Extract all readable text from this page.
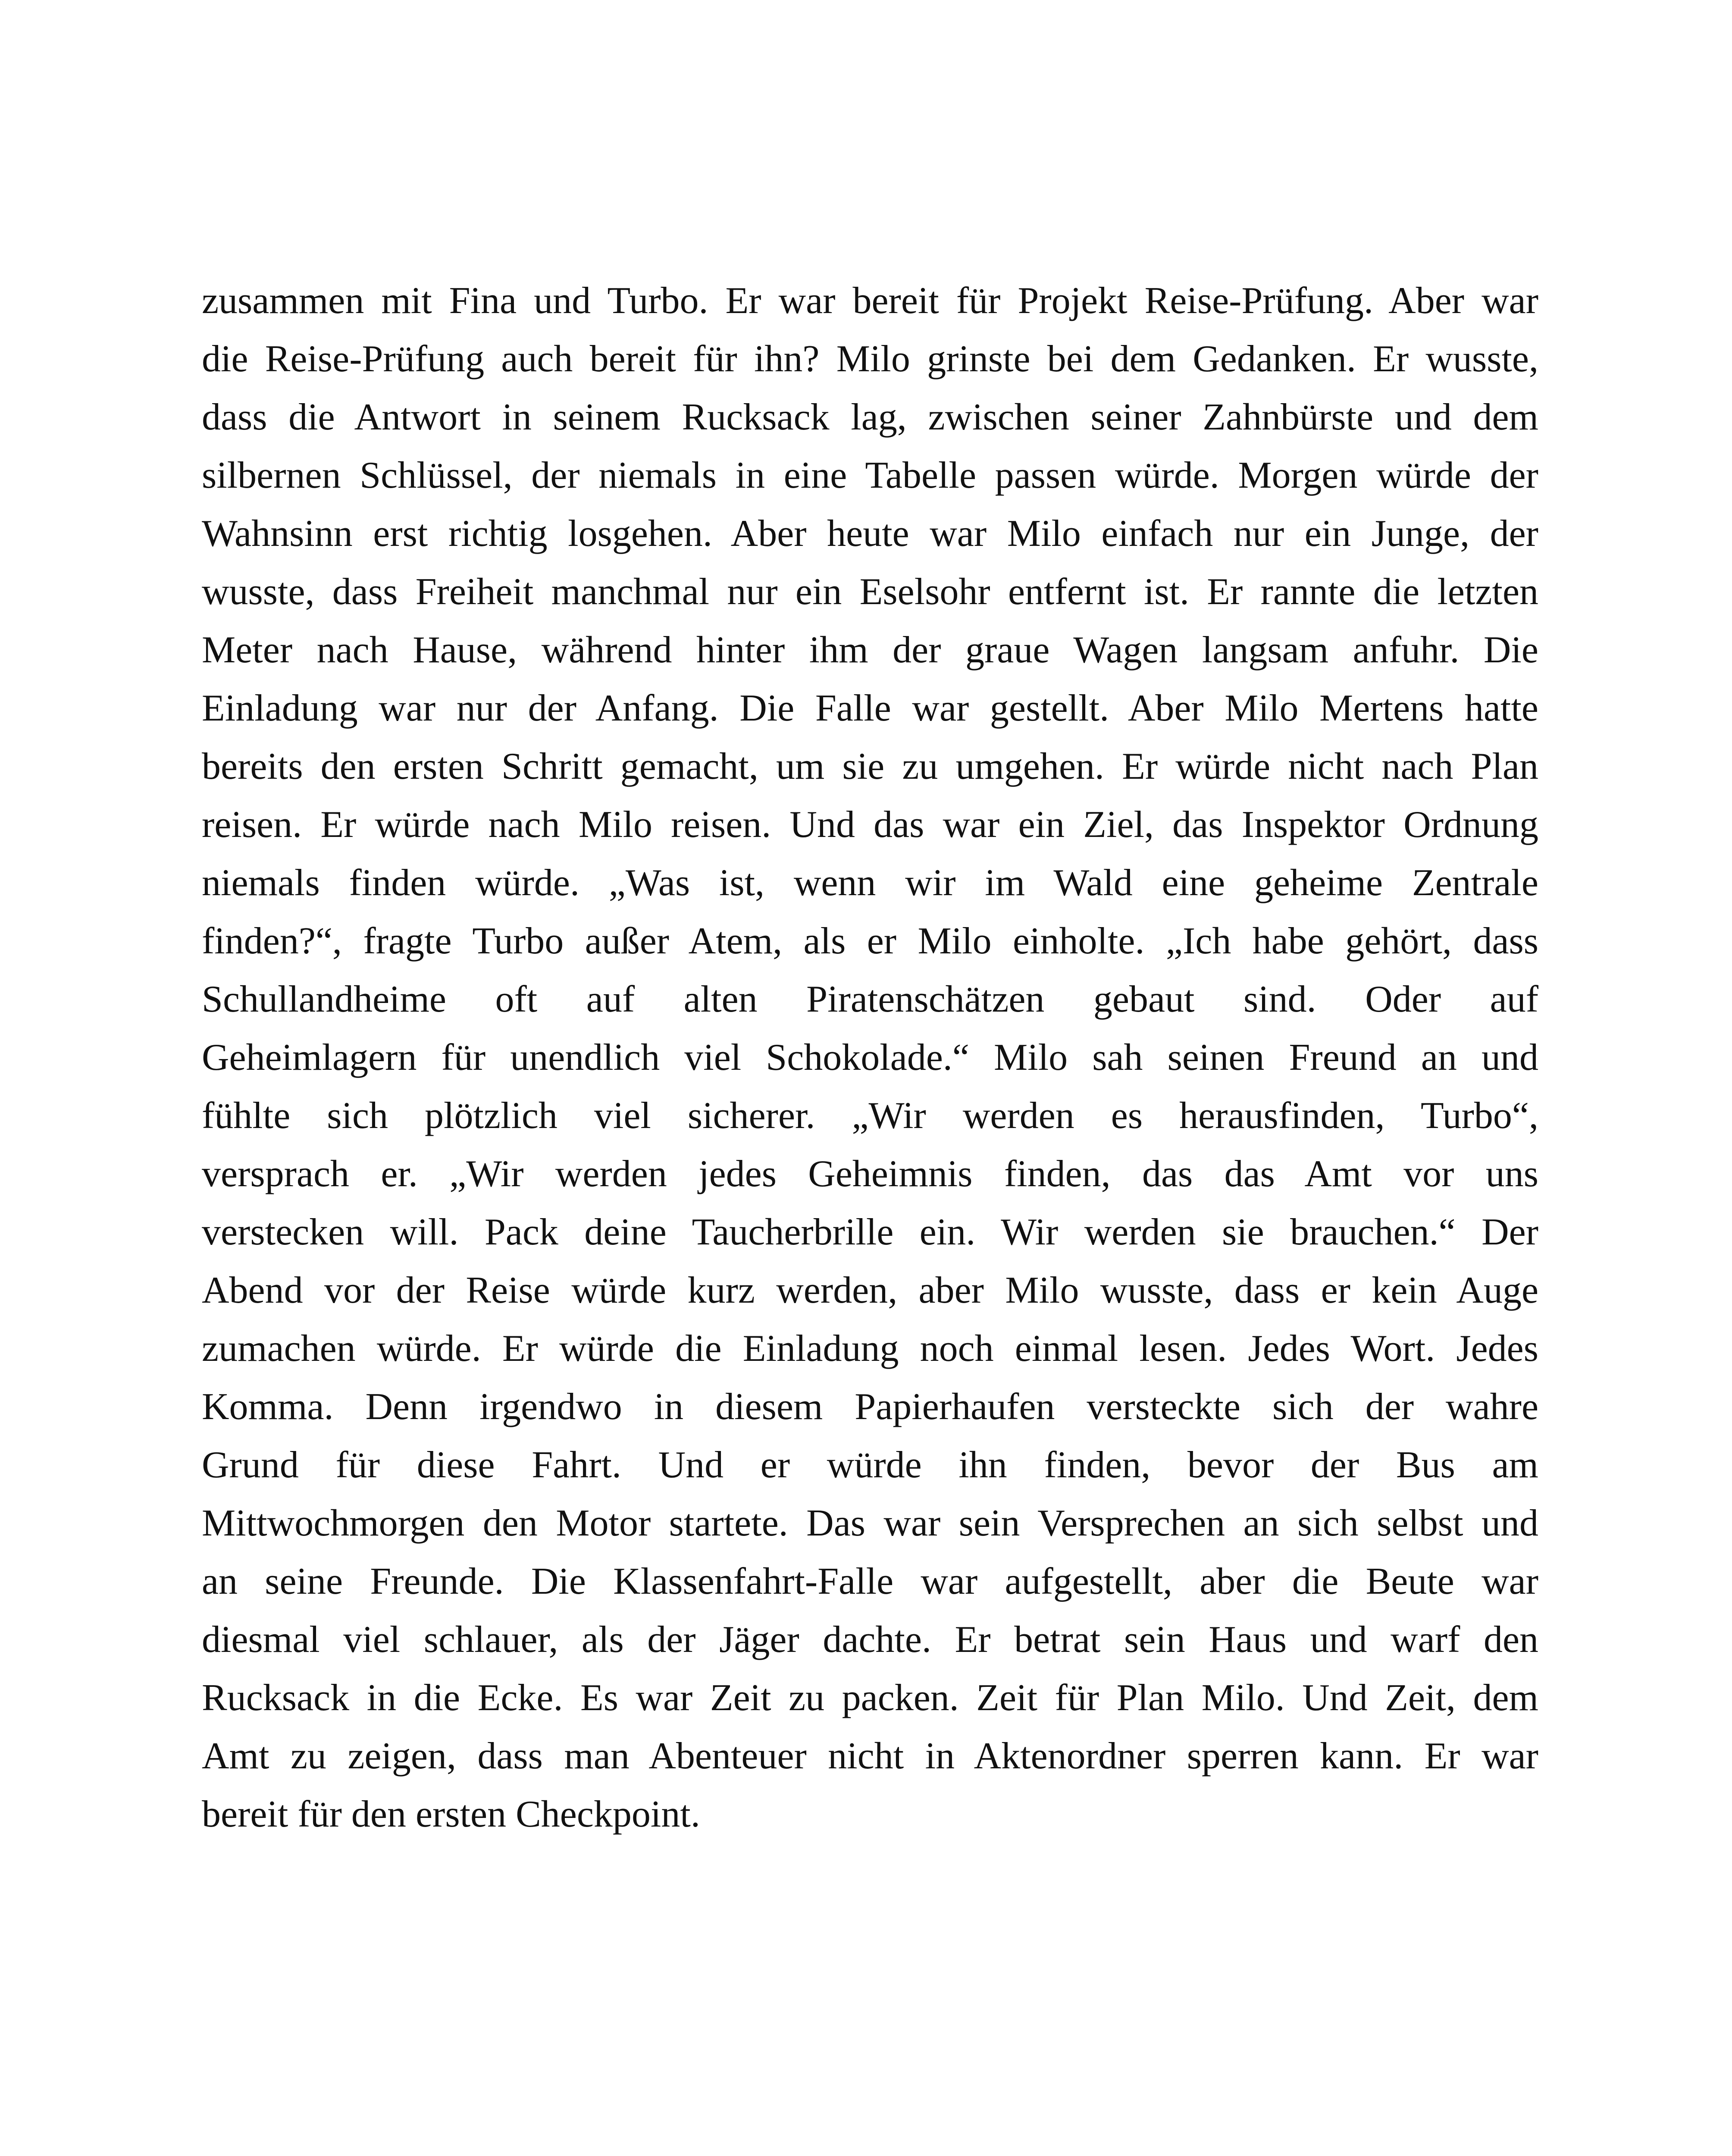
zusammen mit Fina und Turbo. Er war bereit für Projekt Reise-Prüfung. Aber war
die Reise-Prüfung auch bereit für ihn? Milo grinste bei dem Gedanken. Er wusste,
dass die Antwort in seinem Rucksack lag, zwischen seiner Zahnbürste und dem
silbernen Schlüssel, der niemals in eine Tabelle passen würde. Morgen würde der
Wahnsinn erst richtig losgehen. Aber heute war Milo einfach nur ein Junge, der
wusste, dass Freiheit manchmal nur ein Eselsohr entfernt ist. Er rannte die letzten
Meter nach Hause, während hinter ihm der graue Wagen langsam anfuhr. Die
Einladung war nur der Anfang. Die Falle war gestellt. Aber Milo Mertens hatte
bereits den ersten Schritt gemacht, um sie zu umgehen. Er würde nicht nach Plan
reisen. Er würde nach Milo reisen. Und das war ein Ziel, das Inspektor Ordnung
niemals finden würde. „Was ist, wenn wir im Wald eine geheime Zentrale
finden?“, fragte Turbo außer Atem, als er Milo einholte. „Ich habe gehört, dass
Schullandheime oft auf alten Piratenschätzen gebaut sind. Oder auf
Geheimlagern für unendlich viel Schokolade.“ Milo sah seinen Freund an und
fühlte sich plötzlich viel sicherer. „Wir werden es herausfinden, Turbo“,
versprach er. „Wir werden jedes Geheimnis finden, das das Amt vor uns
verstecken will. Pack deine Taucherbrille ein. Wir werden sie brauchen.“ Der
Abend vor der Reise würde kurz werden, aber Milo wusste, dass er kein Auge
zumachen würde. Er würde die Einladung noch einmal lesen. Jedes Wort. Jedes
Komma. Denn irgendwo in diesem Papierhaufen versteckte sich der wahre
Grund für diese Fahrt. Und er würde ihn finden, bevor der Bus am
Mittwochmorgen den Motor startete. Das war sein Versprechen an sich selbst und
an seine Freunde. Die Klassenfahrt-Falle war aufgestellt, aber die Beute war
diesmal viel schlauer, als der Jäger dachte. Er betrat sein Haus und warf den
Rucksack in die Ecke. Es war Zeit zu packen. Zeit für Plan Milo. Und Zeit, dem
Amt zu zeigen, dass man Abenteuer nicht in Aktenordner sperren kann. Er war
bereit für den ersten Checkpoint.
